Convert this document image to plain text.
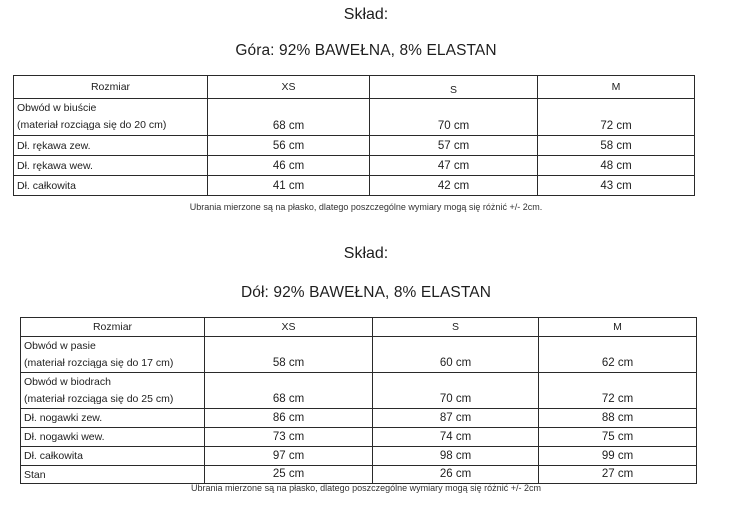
Skład:
Góra: 92% BAWEŁNA, 8% ELASTAN
Rozmiar	XS	S	M

Obwód w biuście
(materiał rozciąga się do 20 cm)	68 cm	70 cm	72 cm
Dł. rękawa zew.	56 cm	57 cm	58 cm
Dł. rękawa wew.	46 cm	47 cm	48 cm
Dł. całkowita	41 cm	42 cm	43 cm
Ubrania mierzone są na płasko, dlatego poszczególne wymiary mogą się różnić +/- 2cm.
Skład:
Dół: 92% BAWEŁNA, 8% ELASTAN
Rozmiar	XS	S	M

Obwód w pasie
(materiał rozciąga się do 17 cm)	58 cm	60 cm	62 cm

Obwód w biodrach
(materiał rozciąga się do 25 cm)	68 cm	70 cm	72 cm
Dł. nogawki zew.	86 cm	87 cm	88 cm
Dł. nogawki wew.	73 cm	74 cm	75 cm
Dł. całkowita	97 cm	98 cm	99 cm
Stan	25 cm	26 cm	27 cm
Ubrania mierzone są na płasko, dlatego poszczególne wymiary mogą się różnić +/- 2cm
